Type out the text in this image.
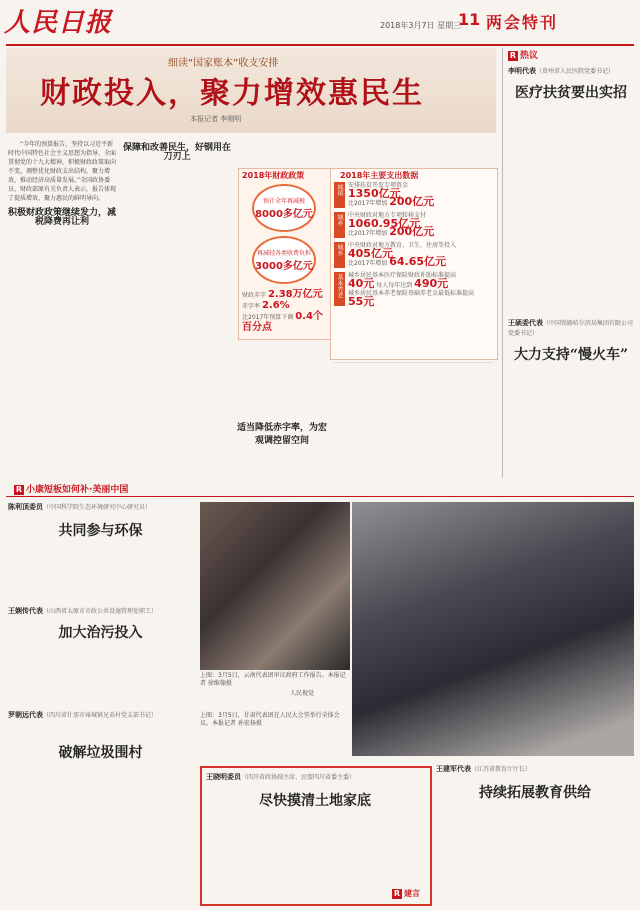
人民日报	2018年3月7日 星期三
11 两会特刊
细读“国家账本”收支安排
财政投入，聚力增效惠民生
本报记者 李刚明

“今年的预算报告，坚持以习近平新时代中国特色社会主义思想为指导，全面贯彻党的十九大精神，积极财政政策取向不变，调整优化财政支出结构，聚力增效，推动经济高质量发展。”全国政协委员、财政部原有关负责人表示，报告体现了提质增效、聚力惠民的鲜明导向。

积极财政政策继续发力，减税降费再让利
保障和改善民生，好钢用在刀刃上
适当降低赤字率，为宏观调控留空间
2018年财政政策
预计全年再减税
8000多亿元
再减轻各类收费负担
3000多亿元
财政赤字 2.38万亿元
赤字率 2.6%
比2017年预算下调 0.4个百分点
2018年主要支出数据
城镇 安排扶贫开发专项资金
1350亿元
比2017年增加 200亿元
城乡 中央财政对地方专项转移支付
1060.95亿元
比2017年增加 200亿元
城乡 中央财政对地方教育、卫生、住房等投入
405亿元
比2017年增加 64.65亿元
基本养老 城乡居民基本医疗保险财政补助标准提高
40元 每人每年达到 490元
城乡居民基本养老保险基础养老金最低标准提高
55元
R 热议
李明代表（贵州省人民医院党委书记）
医疗扶贫要出实招
王硕委代表（中国铁路哈尔滨局集团有限公司党委书记）
大力支持“慢火车”
R 小康短板如何补·美丽中国
陈利顶委员（中国科学院生态环境研究中心研究员）
共同参与环保
王娴传代表（山西省太原市市政公共设施管理处职工）
加大治污投入
罗朝远代表（四川省什邡市雍城镇兄弟村党支部书记）
破解垃圾围村
上图：3月5日，云南代表团审议政府工作报告。本报记者 徐维翰摄
人民视觉
上图：3月5日，甘肃代表团在人民大会堂举行全体会议。本报记者 孙宏扬摄
王晓明委员（四川省政协副主席、民盟四川省委主委）
尽快摸清土地家底
R 建言
王建军代表（江苏省教育厅厅长）
持续拓展教育供给
